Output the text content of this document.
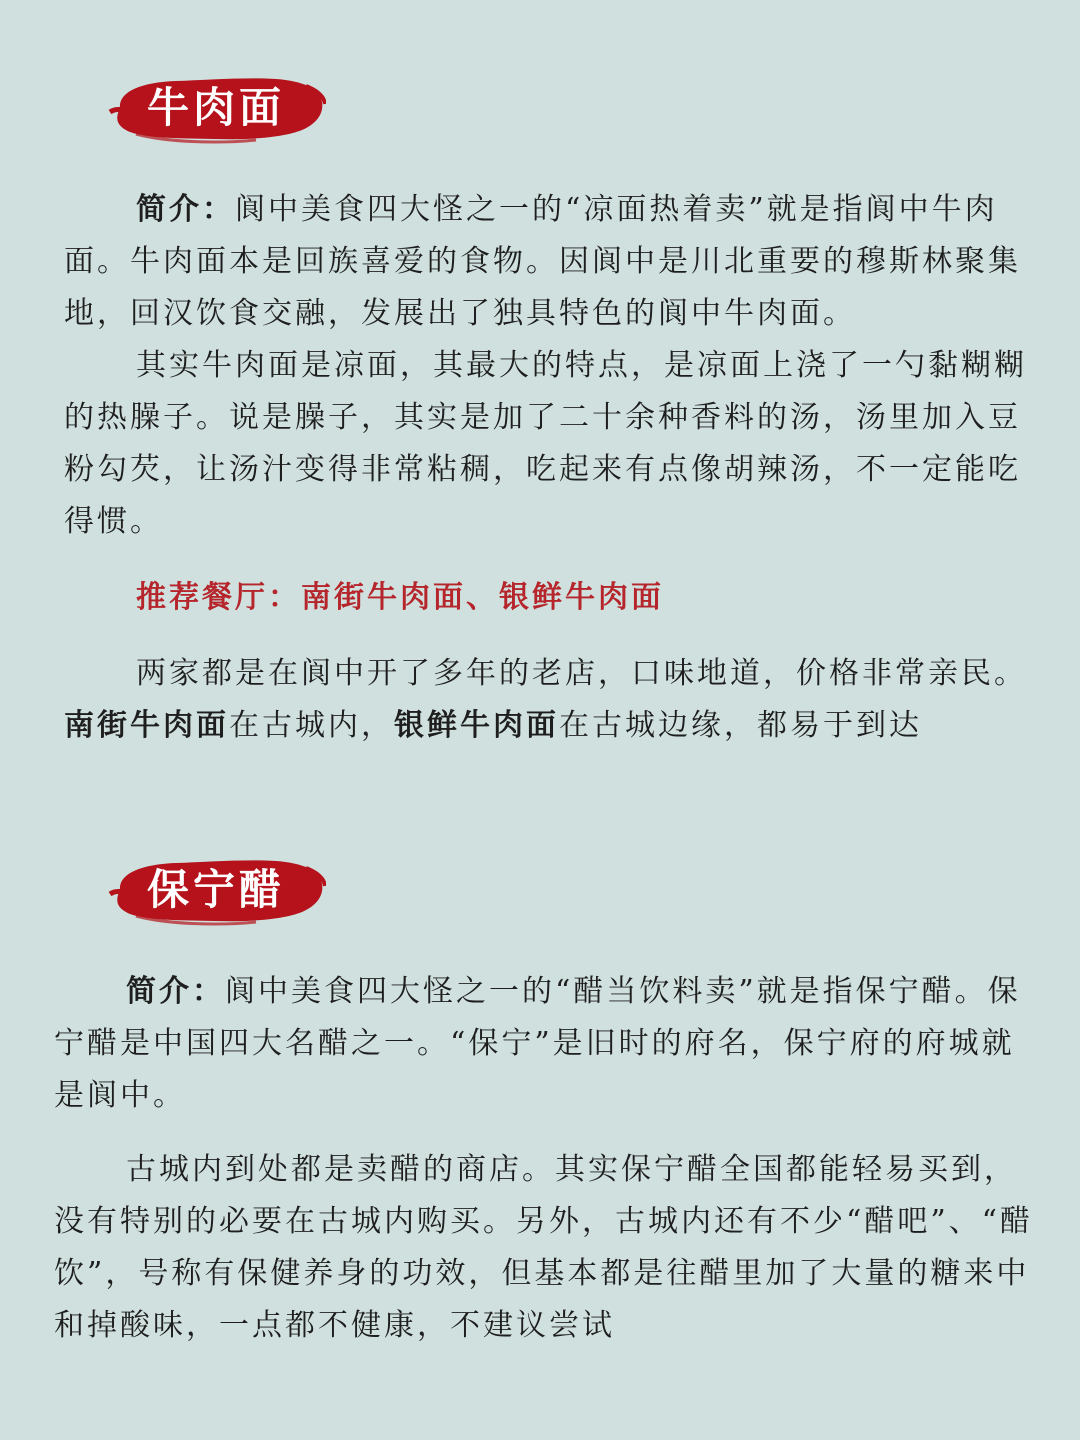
牛肉面

简介：阆中美食四大怪之一的“凉面热着卖”就是指阆中牛肉面。牛肉面本是回族喜爱的食物。因阆中是川北重要的穆斯林聚集地，回汉饮食交融，发展出了独具特色的阆中牛肉面。

其实牛肉面是凉面，其最大的特点，是凉面上浇了一勺黏糊糊的热臊子。说是臊子，其实是加了二十余种香料的汤，汤里加入豆粉勾芡，让汤汁变得非常粘稠，吃起来有点像胡辣汤，不一定能吃得惯。

推荐餐厅：南街牛肉面、银鲜牛肉面

两家都是在阆中开了多年的老店，口味地道，价格非常亲民。南街牛肉面在古城内，银鲜牛肉面在古城边缘，都易于到达

保宁醋

简介：阆中美食四大怪之一的“醋当饮料卖”就是指保宁醋。保宁醋是中国四大名醋之一。“保宁”是旧时的府名，保宁府的府城就是阆中。

古城内到处都是卖醋的商店。其实保宁醋全国都能轻易买到，没有特别的必要在古城内购买。另外，古城内还有不少“醋吧”、“醋饮”，号称有保健养身的功效，但基本都是往醋里加了大量的糖来中和掉酸味，一点都不健康，不建议尝试
